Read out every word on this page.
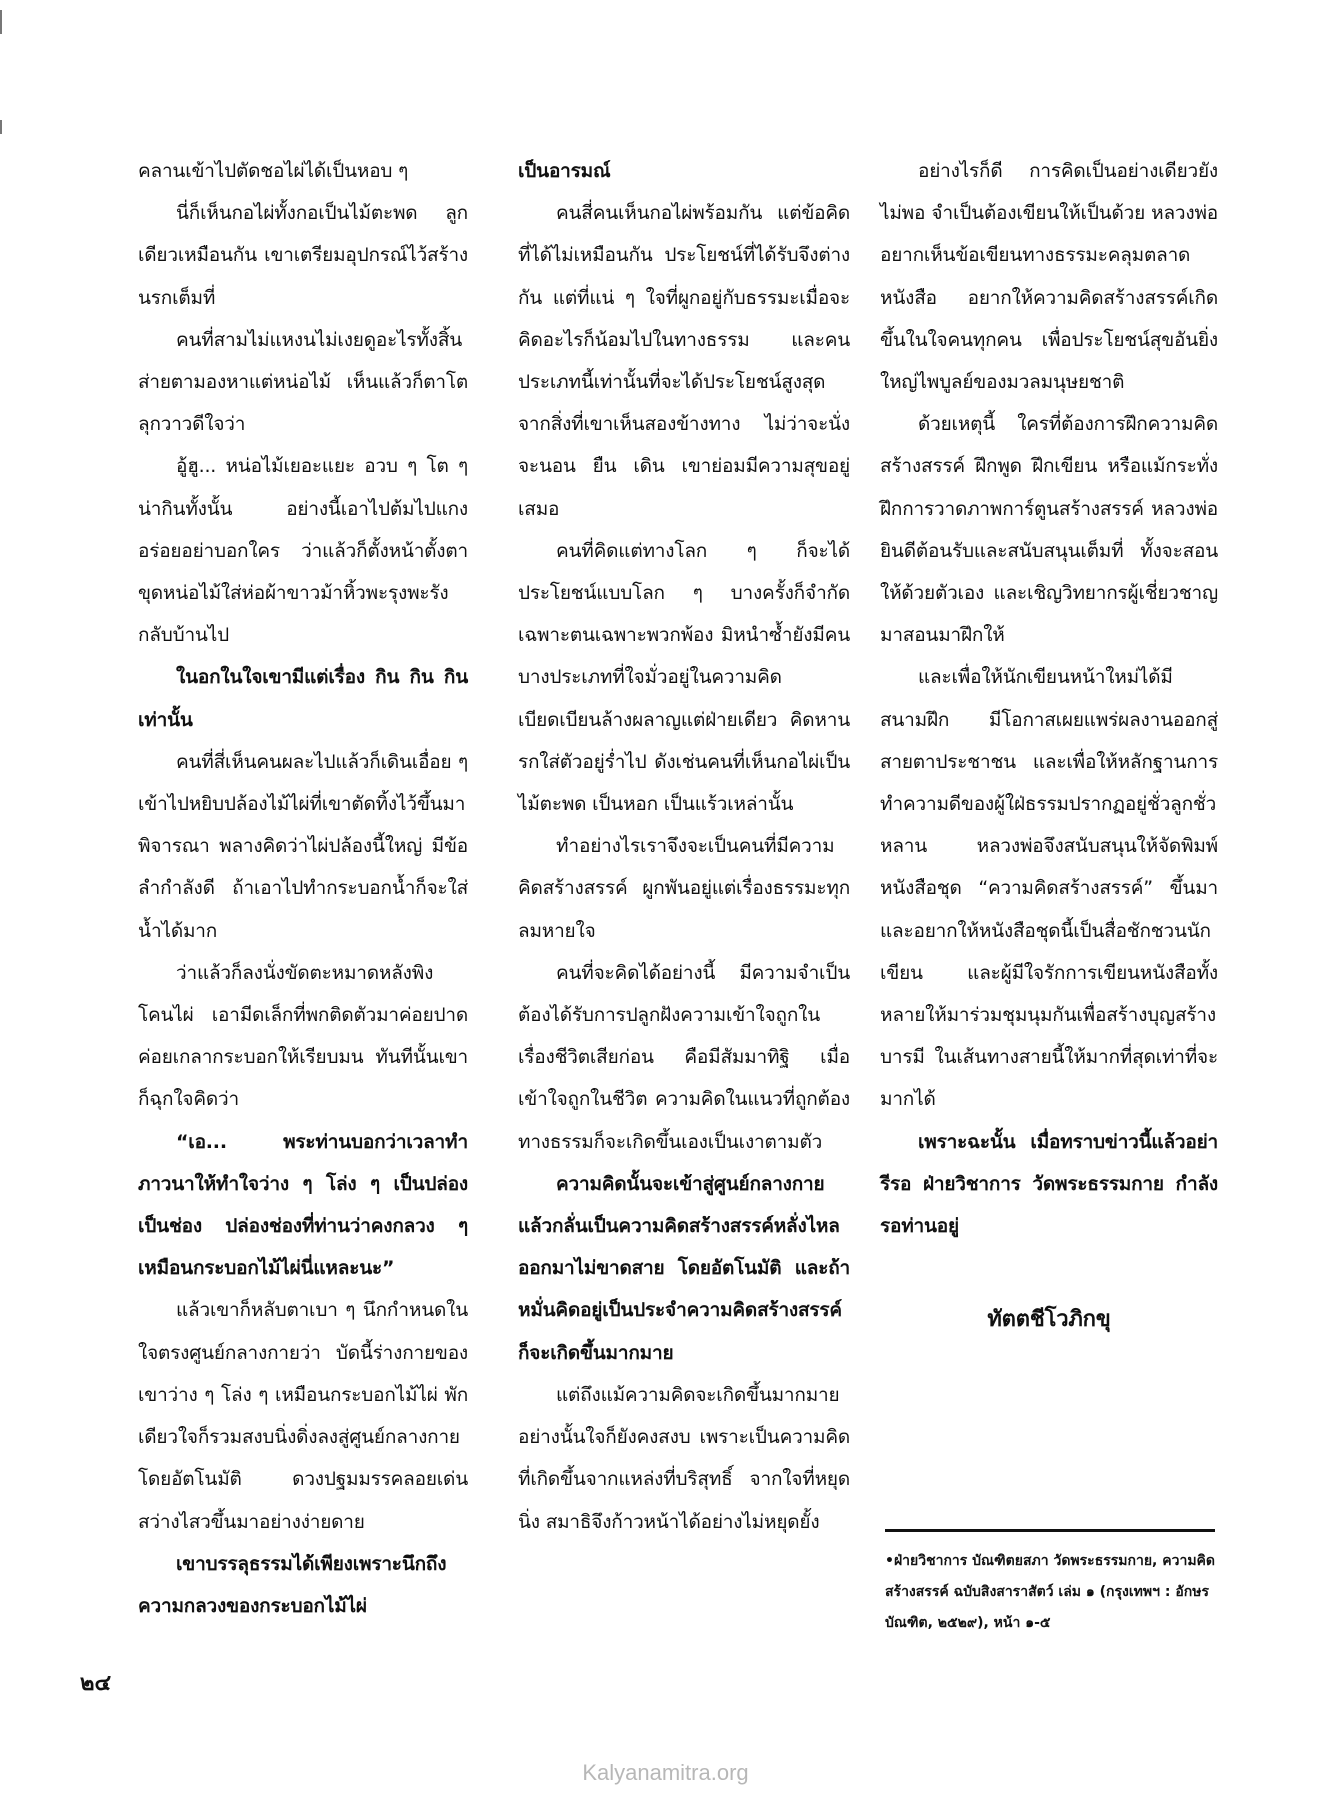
คลานเข้าไปตัดชอไผ่ได้เป็นหอบ ๆ

นี่ก็เห็นกอไผ่ทั้งกอเป็นไม้ตะพด ลูกเดียวเหมือนกัน เขาเตรียมอุปกรณ์ไว้สร้างนรกเต็มที่

คนที่สามไม่แหงนไม่เงยดูอะไรทั้งสิ้น ส่ายตามองหาแต่หน่อไม้ เห็นแล้วก็ตาโตลุกวาวดีใจว่า

อู้ฮู... หน่อไม้เยอะแยะ อวบ ๆ โต ๆ น่ากินทั้งนั้น อย่างนี้เอาไปต้มไปแกง อร่อยอย่าบอกใคร ว่าแล้วก็ตั้งหน้าตั้งตาขุดหน่อไม้ใส่ห่อผ้าขาวม้าหิ้วพะรุงพะรังกลับบ้านไป

ในอกในใจเขามีแต่เรื่อง กิน กิน กิน เท่านั้น

คนที่สี่เห็นคนผละไปแล้วก็เดินเอื่อย ๆ เข้าไปหยิบปล้องไม้ไผ่ที่เขาตัดทิ้งไว้ขึ้นมาพิจารณา พลางคิดว่าไผ่ปล้องนี้ใหญ่ มีข้อลำกำลังดี ถ้าเอาไปทำกระบอกน้ำก็จะใส่น้ำได้มาก

ว่าแล้วก็ลงนั่งขัดตะหมาดหลังพิงโคนไผ่ เอามีดเล็กที่พกติดตัวมาค่อยปาดค่อยเกลากระบอกให้เรียบมน ทันทีนั้นเขาก็ฉุกใจคิดว่า

“เอ... พระท่านบอกว่าเวลาทำภาวนาให้ทำใจว่าง ๆ โล่ง ๆ เป็นปล่องเป็นช่อง ปล่องช่องที่ท่านว่าคงกลวง ๆ เหมือนกระบอกไม้ไผ่นี่แหละนะ”

แล้วเขาก็หลับตาเบา ๆ นึกกำหนดในใจตรงศูนย์กลางกายว่า บัดนี้ร่างกายของเขาว่าง ๆ โล่ง ๆ เหมือนกระบอกไม้ไผ่ พักเดียวใจก็รวมสงบนิ่งดิ่งลงสู่ศูนย์กลางกายโดยอัตโนมัติ ดวงปฐมมรรคลอยเด่นสว่างไสวขึ้นมาอย่างง่ายดาย

เขาบรรลุธรรมได้เพียงเพราะนึกถึงความกลวงของกระบอกไม้ไผ่

เป็นอารมณ์

คนสี่คนเห็นกอไผ่พร้อมกัน แต่ข้อคิดที่ได้ไม่เหมือนกัน ประโยชน์ที่ได้รับจึงต่างกัน แต่ที่แน่ ๆ ใจที่ผูกอยู่กับธรรมะเมื่อจะคิดอะไรก็น้อมไปในทางธรรม และคนประเภทนี้เท่านั้นที่จะได้ประโยชน์สูงสุด จากสิ่งที่เขาเห็นสองข้างทาง ไม่ว่าจะนั่ง จะนอน ยืน เดิน เขาย่อมมีความสุขอยู่เสมอ

คนที่คิดแต่ทางโลก ๆ ก็จะได้ประโยชน์แบบโลก ๆ บางครั้งก็จำกัดเฉพาะตนเฉพาะพวกพ้อง มิหนำซ้ำยังมีคนบางประเภทที่ใจมั่วอยู่ในความคิดเบียดเบียนล้างผลาญแต่ฝ่ายเดียว คิดหานรกใส่ตัวอยู่ร่ำไป ดังเช่นคนที่เห็นกอไผ่เป็นไม้ตะพด เป็นหอก เป็นแร้วเหล่านั้น

ทำอย่างไรเราจึงจะเป็นคนที่มีความคิดสร้างสรรค์ ผูกพันอยู่แต่เรื่องธรรมะทุกลมหายใจ

คนที่จะคิดได้อย่างนี้ มีความจำเป็นต้องได้รับการปลูกฝังความเข้าใจถูกในเรื่องชีวิตเสียก่อน คือมีสัมมาทิฐิ เมื่อเข้าใจถูกในชีวิต ความคิดในแนวที่ถูกต้องทางธรรมก็จะเกิดขึ้นเองเป็นเงาตามตัว

ความคิดนั้นจะเข้าสู่ศูนย์กลางกาย แล้วกลั่นเป็นความคิดสร้างสรรค์หลั่งไหลออกมาไม่ขาดสาย โดยอัตโนมัติ และถ้าหมั่นคิดอยู่เป็นประจำความคิดสร้างสรรค์ก็จะเกิดขึ้นมากมาย

แต่ถึงแม้ความคิดจะเกิดขึ้นมากมายอย่างนั้นใจก็ยังคงสงบ เพราะเป็นความคิดที่เกิดขึ้นจากแหล่งที่บริสุทธิ์ จากใจที่หยุดนิ่ง สมาธิจึงก้าวหน้าได้อย่างไม่หยุดยั้ง

อย่างไรก็ดี การคิดเป็นอย่างเดียวยังไม่พอ จำเป็นต้องเขียนให้เป็นด้วย หลวงพ่ออยากเห็นข้อเขียนทางธรรมะคลุมตลาดหนังสือ อยากให้ความคิดสร้างสรรค์เกิดขึ้นในใจคนทุกคน เพื่อประโยชน์สุขอันยิ่งใหญ่ไพบูลย์ของมวลมนุษยชาติ

ด้วยเหตุนี้ ใครที่ต้องการฝึกความคิดสร้างสรรค์ ฝึกพูด ฝึกเขียน หรือแม้กระทั่งฝึกการวาดภาพการ์ตูนสร้างสรรค์ หลวงพ่อยินดีต้อนรับและสนับสนุนเต็มที่ ทั้งจะสอนให้ด้วยตัวเอง และเชิญวิทยากรผู้เชี่ยวชาญมาสอนมาฝึกให้

และเพื่อให้นักเขียนหน้าใหม่ได้มีสนามฝึก มีโอกาสเผยแพร่ผลงานออกสู่สายตาประชาชน และเพื่อให้หลักฐานการทำความดีของผู้ใฝ่ธรรมปรากฏอยู่ชั่วลูกชั่วหลาน หลวงพ่อจึงสนับสนุนให้จัดพิมพ์หนังสือชุด “ความคิดสร้างสรรค์” ขึ้นมา และอยากให้หนังสือชุดนี้เป็นสื่อชักชวนนักเขียน และผู้มีใจรักการเขียนหนังสือทั้งหลายให้มาร่วมชุมนุมกันเพื่อสร้างบุญสร้างบารมี ในเส้นทางสายนี้ให้มากที่สุดเท่าที่จะมากได้

เพราะฉะนั้น เมื่อทราบข่าวนี้แล้วอย่ารีรอ ฝ่ายวิชาการ วัดพระธรรมกาย กำลังรอท่านอยู่

ทัตตชีโวภิกขุ

•ฝ่ายวิชาการ บัณฑิตยสภา วัดพระธรรมกาย, ความคิดสร้างสรรค์ ฉบับสิงสาราสัตว์ เล่ม ๑ (กรุงเทพฯ : อักษรบัณฑิต, ๒๕๒๙), หน้า ๑-๕
๒๔
Kalyanamitra.org
